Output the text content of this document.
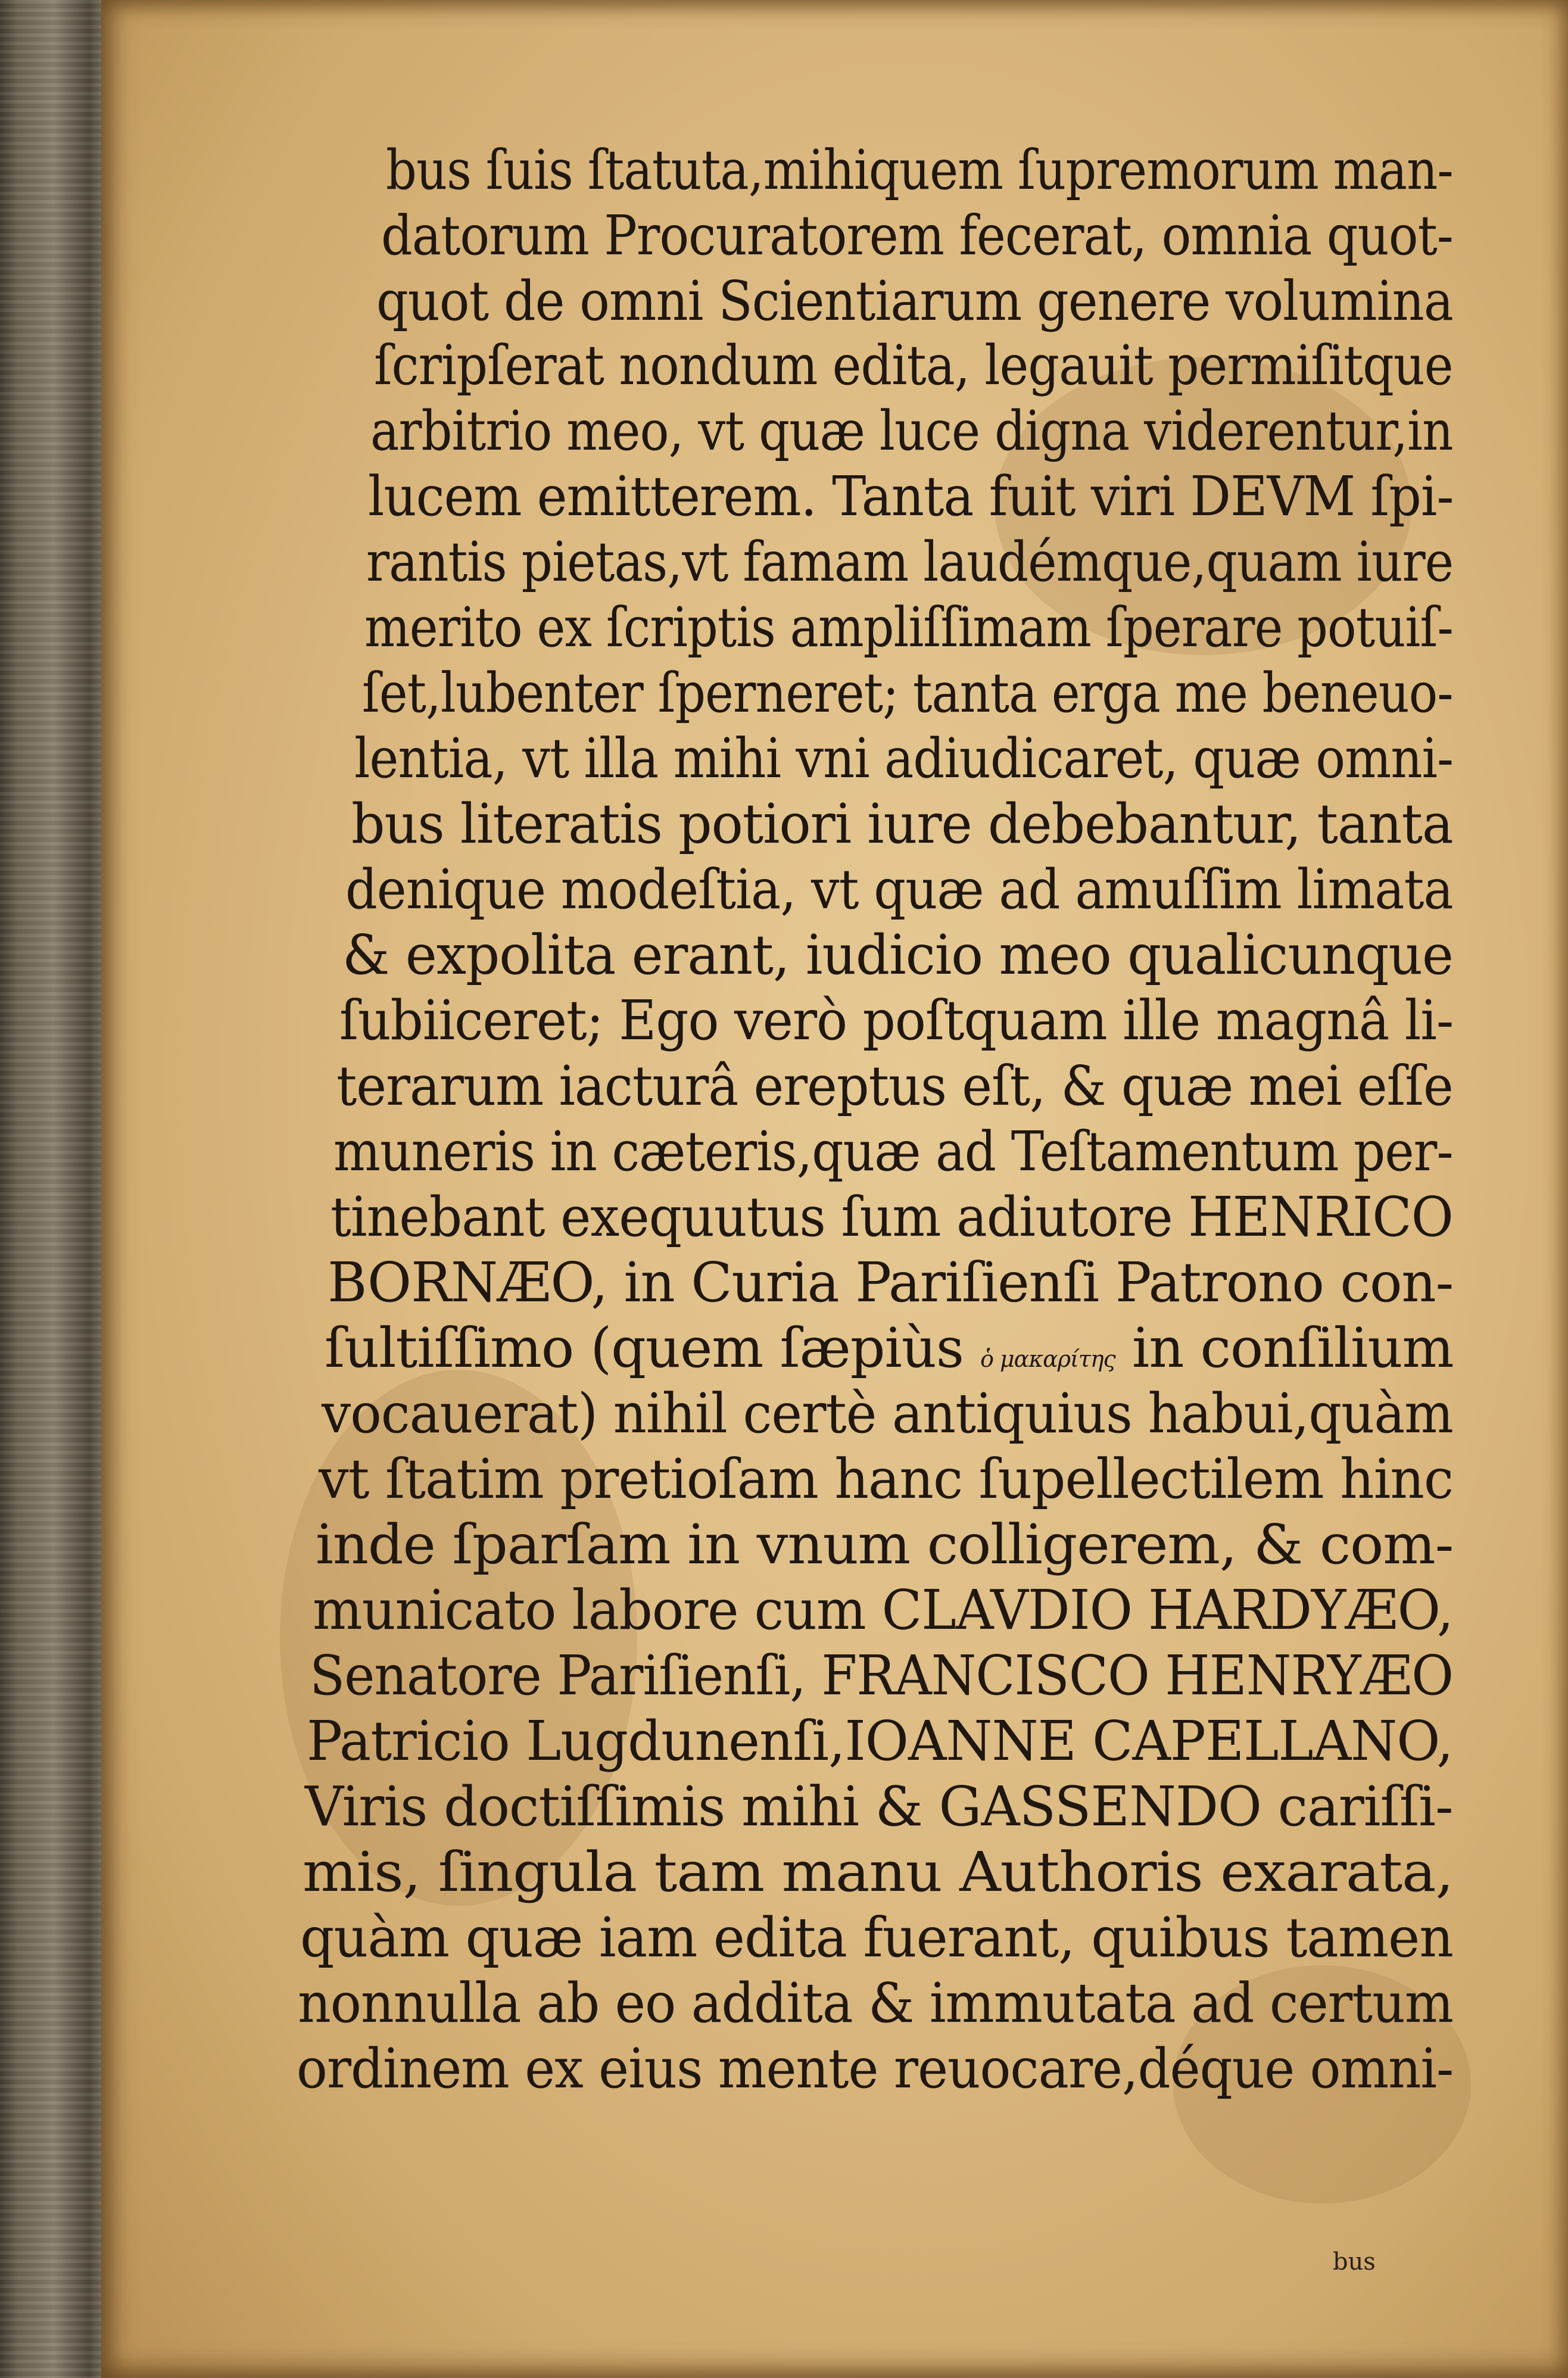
bus ſuis ſtatuta,mihiquem ſupremorum man-
datorum Procuratorem fecerat, omnia quot-
quot de omni Scientiarum genere volumina
ſcripſerat nondum edita, legauit permiſitque
arbitrio meo, vt quæ luce digna viderentur,in
lucem emitterem. Tanta fuit viri DEVM ſpi-
rantis pietas,vt famam laudémque,quam iure
merito ex ſcriptis ampliſſimam ſperare potuiſ-
ſet,lubenter ſperneret; tanta erga me beneuo-
lentia, vt illa mihi vni adiudicaret, quæ omni-
bus literatis potiori iure debebantur, tanta
denique modeſtia, vt quæ ad amuſſim limata
& expolita erant, iudicio meo qualicunque
ſubiiceret; Ego verò poſtquam ille magnâ li-
terarum iacturâ ereptus eſt, & quæ mei eſſe
muneris in cæteris,quæ ad Teſtamentum per-
tinebant exequutus ſum adiutore HENRICO
BORNÆO, in Curia Pariſienſi Patrono con-
ſultiſſimo (quem ſæpiùs ὁ μακαρίτης in conſilium
vocauerat) nihil certè antiquius habui,quàm
vt ſtatim pretioſam hanc ſupellectilem hinc
inde ſparſam in vnum colligerem, & com-
municato labore cum CLAVDIO HARDYÆO,
Senatore Pariſienſi, FRANCISCO HENRYÆO
Patricio Lugdunenſi,IOANNE CAPELLANO,
Viris doctiſſimis mihi & GASSENDO cariſſi-
mis, ſingula tam manu Authoris exarata,
quàm quæ iam edita fuerant, quibus tamen
nonnulla ab eo addita & immutata ad certum
ordinem ex eius mente reuocare,déque omni-
bus
